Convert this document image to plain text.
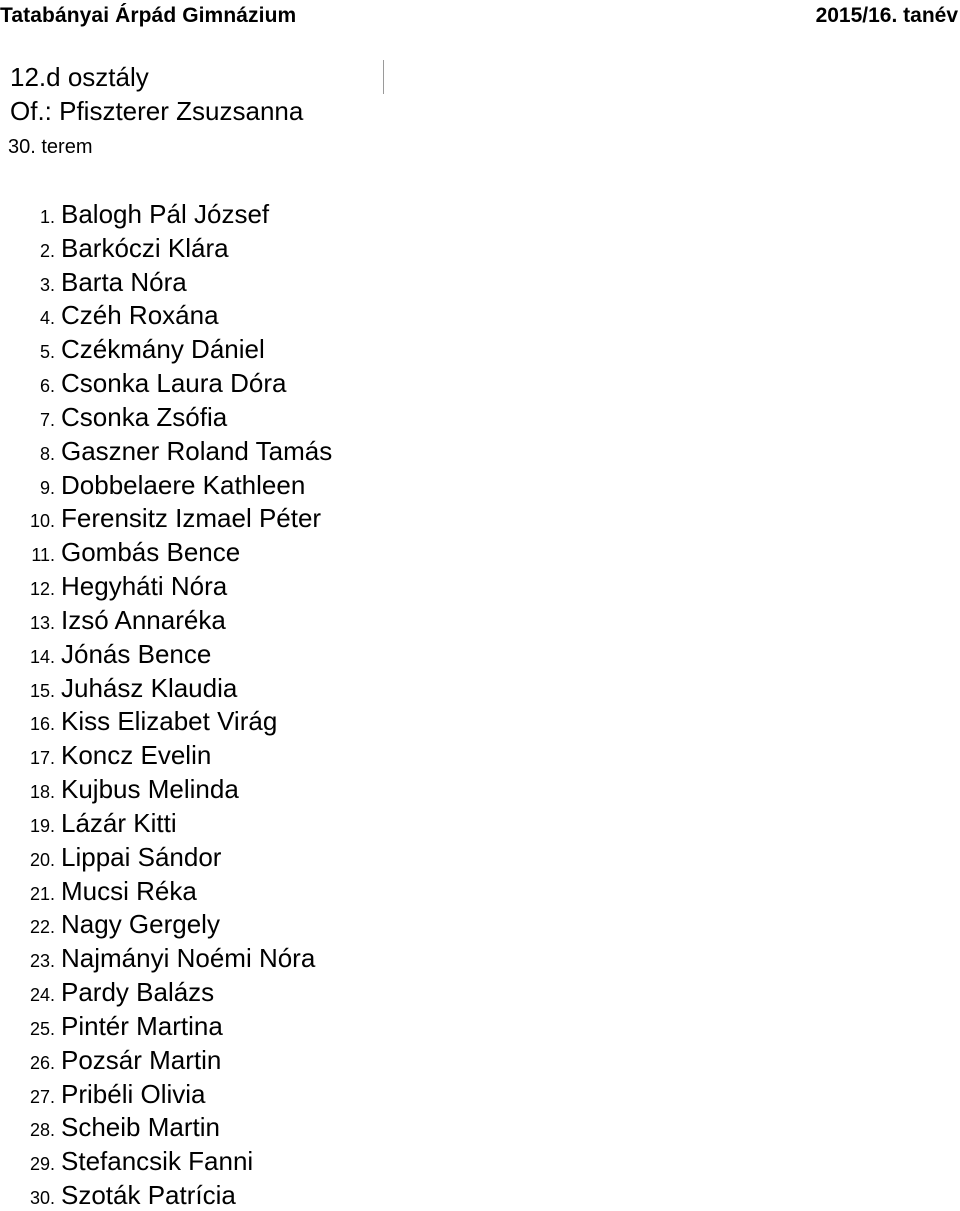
Tatabányai Árpád Gimnázium	2015/16. tanév
12.d osztály
Of.: Pfiszterer Zsuzsanna
30. terem
1. Balogh Pál József
2. Barkóczi Klára
3. Barta Nóra
4. Czéh Roxána
5. Czékmány Dániel
6. Csonka Laura Dóra
7. Csonka Zsófia
8. Gaszner Roland Tamás
9. Dobbelaere Kathleen
10. Ferensitz Izmael Péter
11. Gombás Bence
12. Hegyháti Nóra
13. Izsó Annaréka
14. Jónás Bence
15. Juhász Klaudia
16. Kiss Elizabet Virág
17. Koncz Evelin
18. Kujbus Melinda
19. Lázár Kitti
20. Lippai Sándor
21. Mucsi Réka
22. Nagy Gergely
23. Najmányi Noémi Nóra
24. Pardy Balázs
25. Pintér Martina
26. Pozsár Martin
27. Pribéli Olivia
28. Scheib Martin
29. Stefancsik Fanni
30. Szoták Patrícia
